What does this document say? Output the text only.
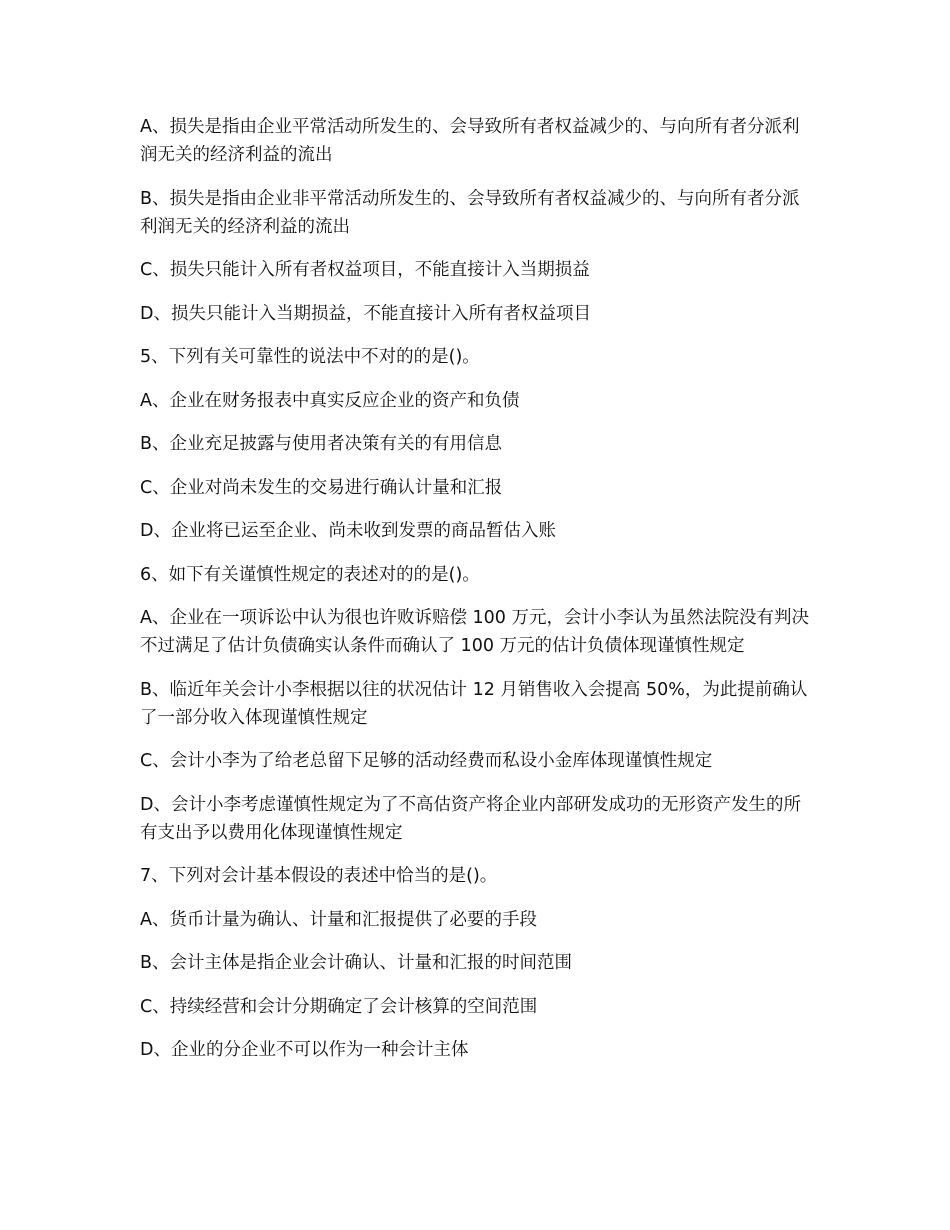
A、损失是指由企业平常活动所发生的、会导致所有者权益减少的、与向所有者分派利润无关的经济利益的流出

B、损失是指由企业非平常活动所发生的、会导致所有者权益减少的、与向所有者分派利润无关的经济利益的流出

C、损失只能计入所有者权益项目，不能直接计入当期损益

D、损失只能计入当期损益，不能直接计入所有者权益项目

5、下列有关可靠性的说法中不对的的是()。

A、企业在财务报表中真实反应企业的资产和负债

B、企业充足披露与使用者决策有关的有用信息

C、企业对尚未发生的交易进行确认计量和汇报

D、企业将已运至企业、尚未收到发票的商品暂估入账

6、如下有关谨慎性规定的表述对的的是()。

A、企业在一项诉讼中认为很也许败诉赔偿 100 万元，会计小李认为虽然法院没有判决不过满足了估计负债确实认条件而确认了 100 万元的估计负债体现谨慎性规定

B、临近年关会计小李根据以往的状况估计 12 月销售收入会提高 50%，为此提前确认了一部分收入体现谨慎性规定

C、会计小李为了给老总留下足够的活动经费而私设小金库体现谨慎性规定

D、会计小李考虑谨慎性规定为了不高估资产将企业内部研发成功的无形资产发生的所有支出予以费用化体现谨慎性规定

7、下列对会计基本假设的表述中恰当的是()。

A、货币计量为确认、计量和汇报提供了必要的手段

B、会计主体是指企业会计确认、计量和汇报的时间范围

C、持续经营和会计分期确定了会计核算的空间范围

D、企业的分企业不可以作为一种会计主体
